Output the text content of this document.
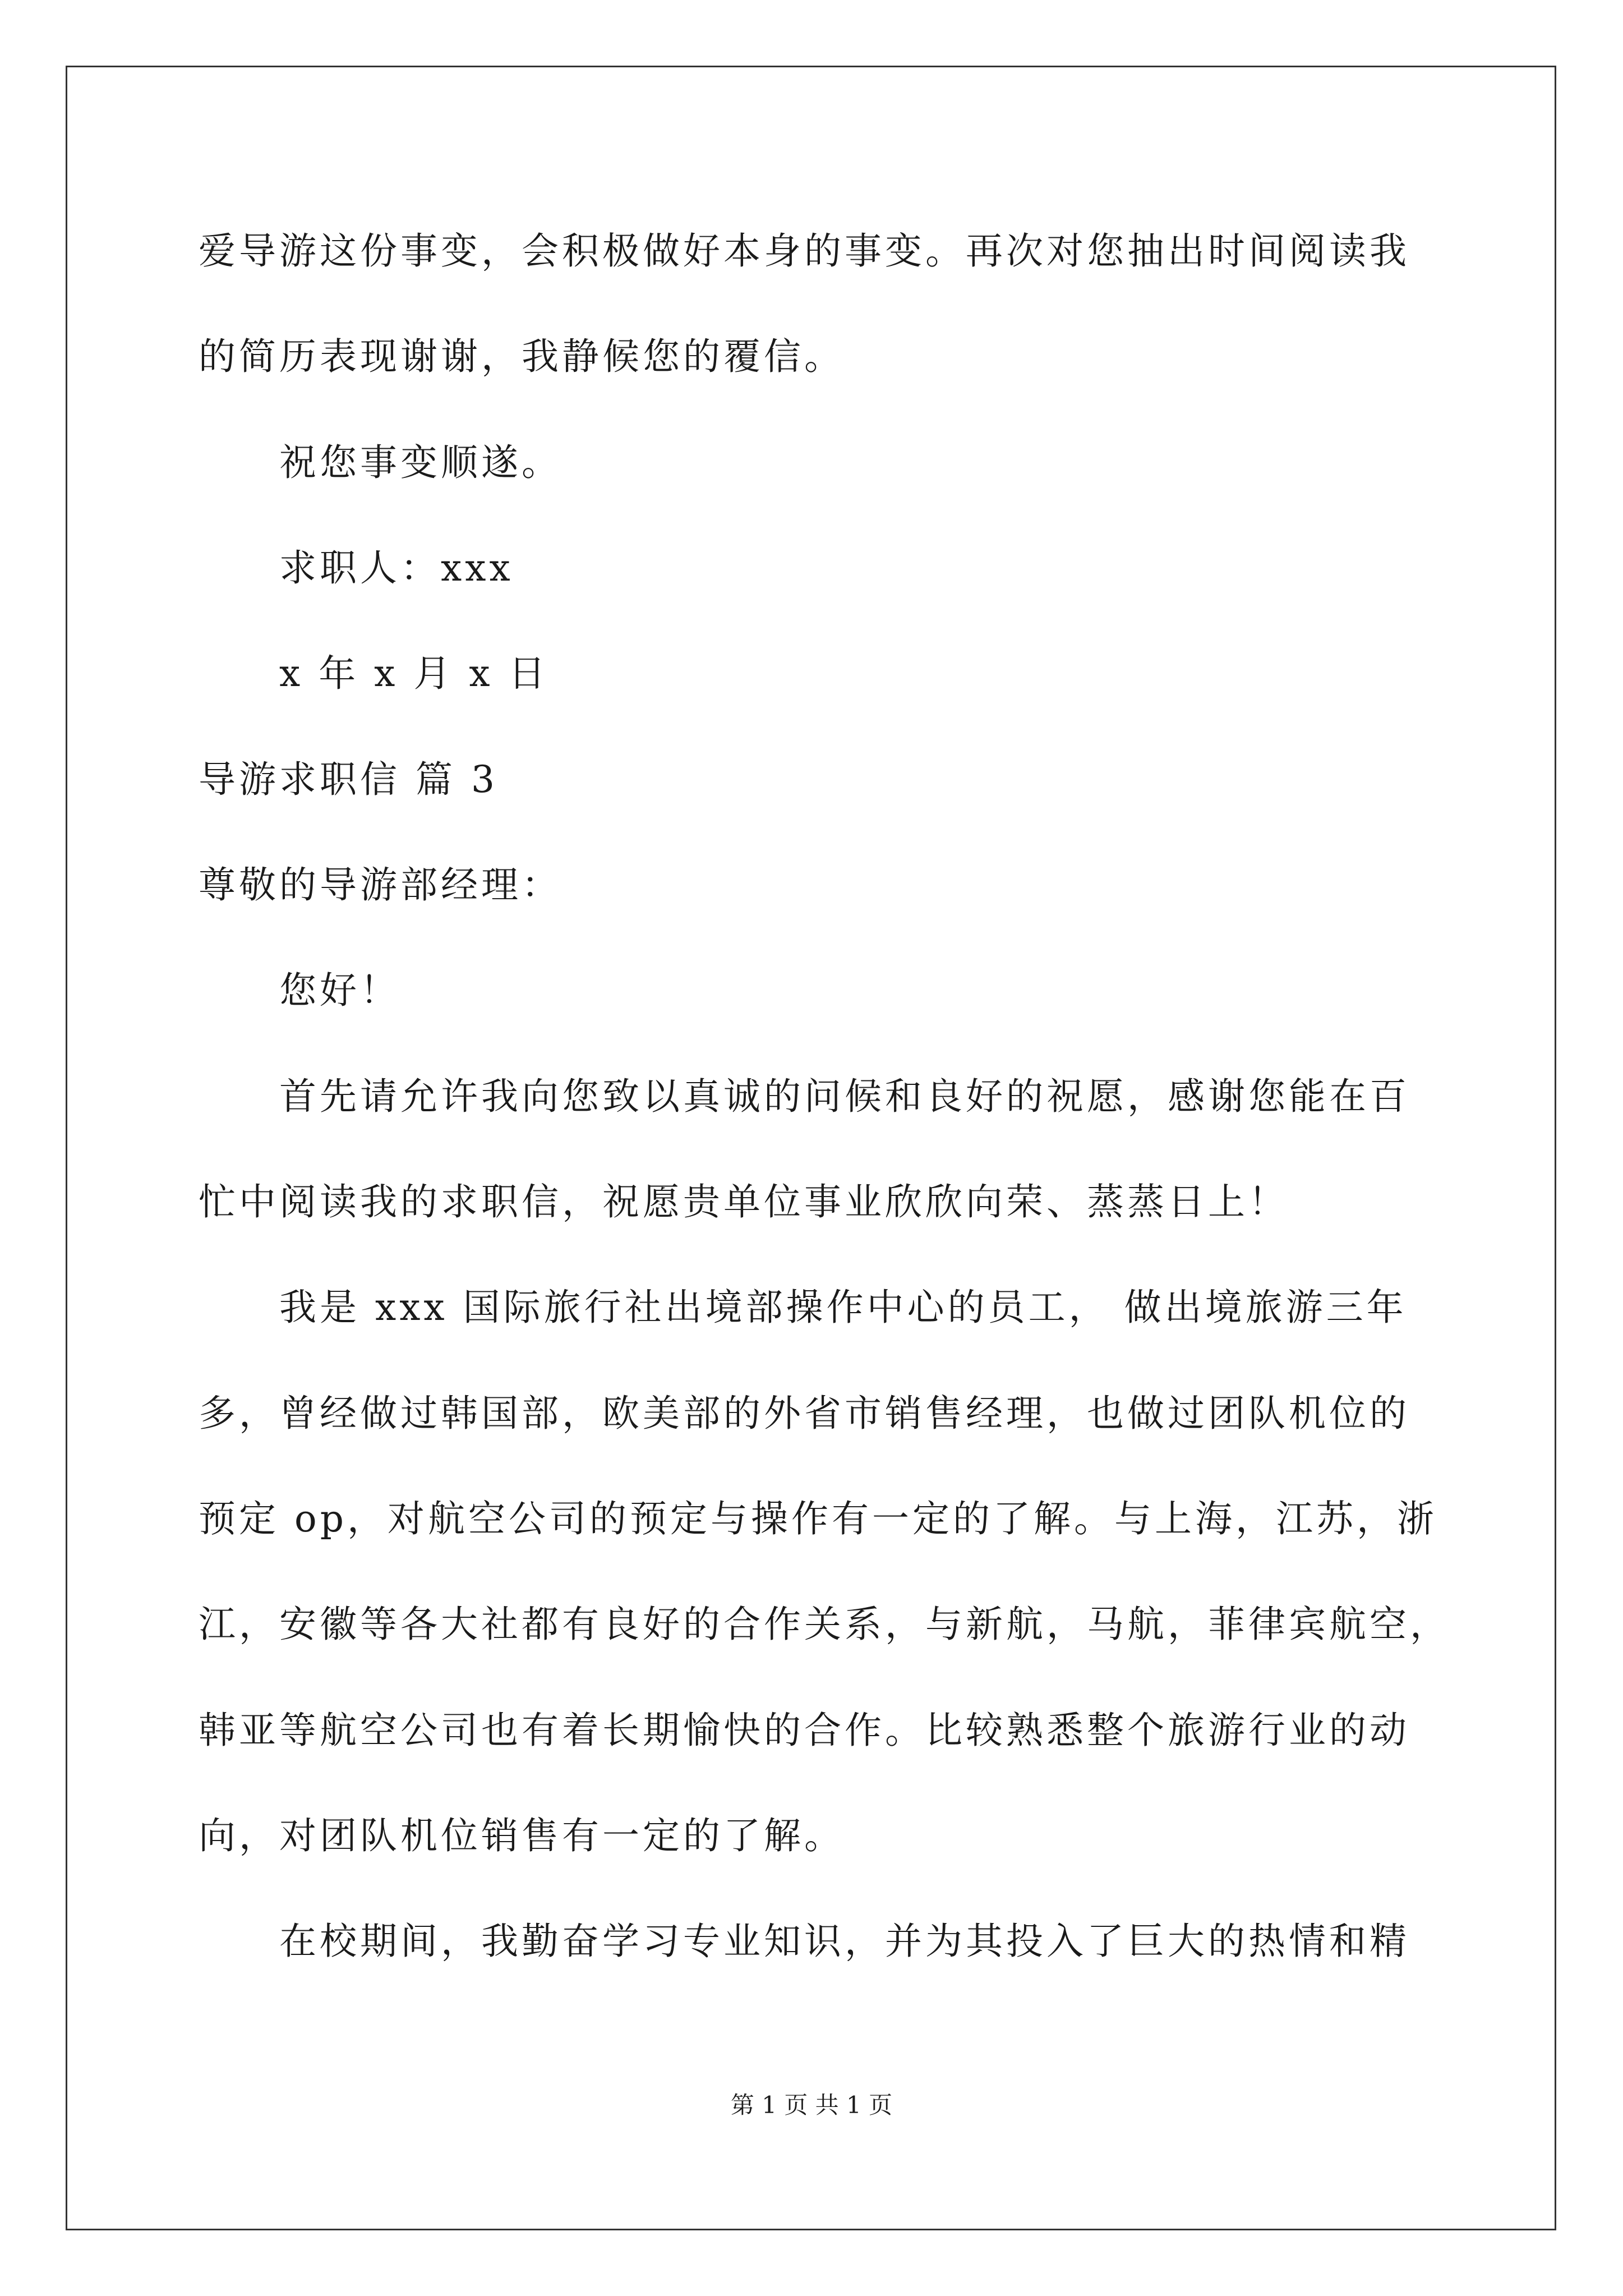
爱导游这份事变，会积极做好本身的事变。再次对您抽出时间阅读我
的简历表现谢谢，我静候您的覆信。
祝您事变顺遂。
求职人：xxx
x 年 x 月 x 日
导游求职信 篇 3
尊敬的导游部经理：
您好！
首先请允许我向您致以真诚的问候和良好的祝愿，感谢您能在百
忙中阅读我的求职信，祝愿贵单位事业欣欣向荣、蒸蒸日上！
我是 xxx 国际旅行社出境部操作中心的员工， 做出境旅游三年
多，曾经做过韩国部，欧美部的外省市销售经理，也做过团队机位的
预定 op，对航空公司的预定与操作有一定的了解。与上海，江苏，浙
江，安徽等各大社都有良好的合作关系，与新航，马航，菲律宾航空，
韩亚等航空公司也有着长期愉快的合作。比较熟悉整个旅游行业的动
向，对团队机位销售有一定的了解。
在校期间，我勤奋学习专业知识，并为其投入了巨大的热情和精
第 1 页 共 1 页
